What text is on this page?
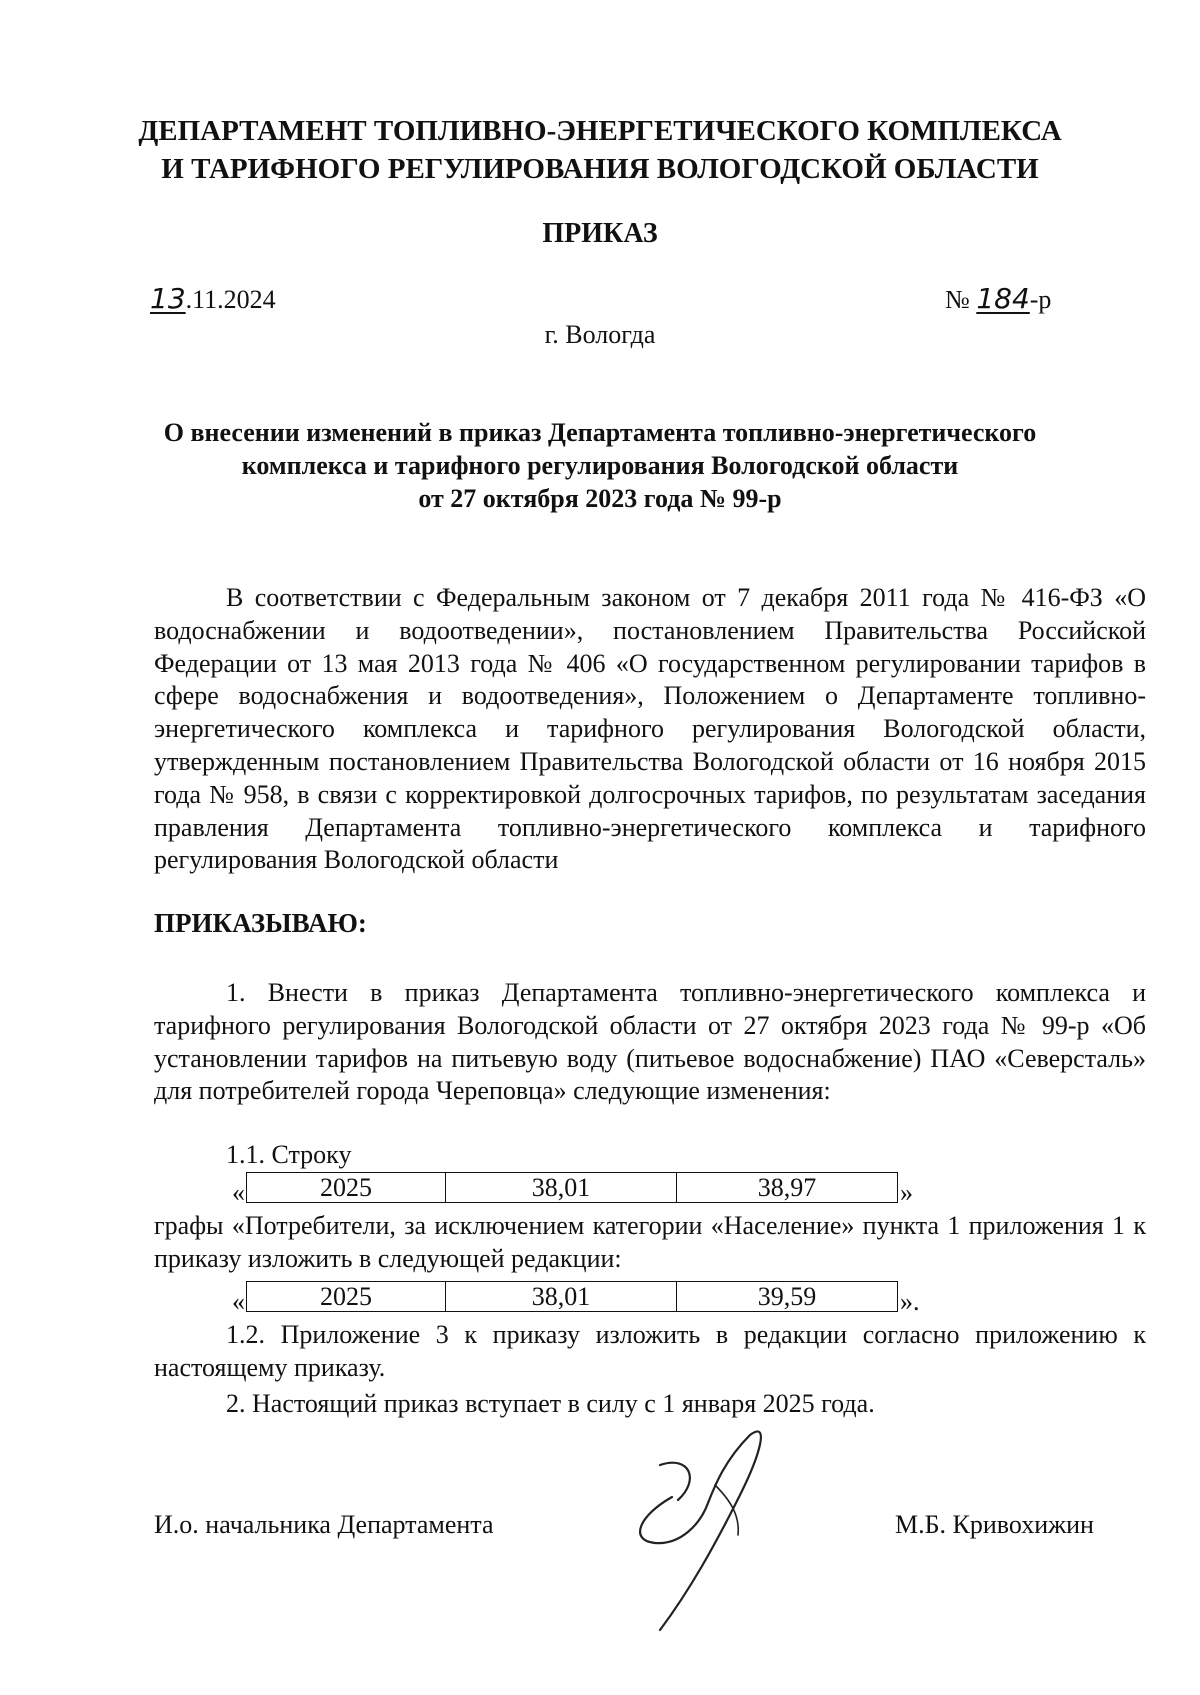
ДЕПАРТАМЕНТ ТОПЛИВНО-ЭНЕРГЕТИЧЕСКОГО КОМПЛЕКСА
И ТАРИФНОГО РЕГУЛИРОВАНИЯ ВОЛОГОДСКОЙ ОБЛАСТИ
ПРИКАЗ
13.11.2024	№ 184-р
г. Вологда
О внесении изменений в приказ Департамента топливно-энергетического
комплекса и тарифного регулирования Вологодской области
от 27 октября 2023 года № 99-р
В соответствии с Федеральным законом от 7 декабря 2011 года № 416-ФЗ «О водоснабжении и водоотведении», постановлением Правительства Российской Федерации от 13 мая 2013 года № 406 «О государственном регулировании тарифов в сфере водоснабжения и водоотведения», Положением о Департаменте топливно-энергетического комплекса и тарифного регулирования Вологодской области, утвержденным постановлением Правительства Вологодской области от 16 ноября 2015 года № 958, в связи с корректировкой долгосрочных тарифов, по результатам заседания правления Департамента топливно-энергетического комплекса и тарифного регулирования Вологодской области
ПРИКАЗЫВАЮ:
1. Внести в приказ Департамента топливно-энергетического комплекса и тарифного регулирования Вологодской области от 27 октября 2023 года № 99-р «Об установлении тарифов на питьевую воду (питьевое водоснабжение) ПАО «Северсталь» для потребителей города Череповца» следующие изменения:
1.1. Строку
«	2025	38,01	38,97	»
графы «Потребители, за исключением категории «Население» пункта 1 приложения 1 к приказу изложить в следующей редакции:
«	2025	38,01	39,59	».
1.2. Приложение 3 к приказу изложить в редакции согласно приложению к настоящему приказу.
2. Настоящий приказ вступает в силу с 1 января 2025 года.
И.о. начальника Департамента	М.Б. Кривохижин
